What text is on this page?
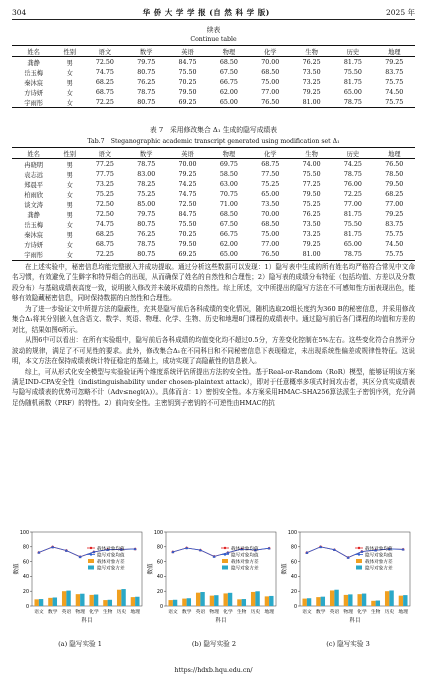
304	华 侨 大 学 学 报 (自 然 科 学 版)	2025 年
续表
Continue table
姓名	性别	语文	数学	英语	物理	化学	生物	历史	地理
龚静	男	72.50	79.75	84.75	68.50	70.00	76.25	81.75	79.25
岳玉梅	女	74.75	80.75	75.50	67.50	68.50	73.50	75.50	83.75
秦沐宸	男	68.25	76.25	70.25	66.75	75.00	73.25	81.75	75.75
方诗妍	女	68.75	78.75	79.50	62.00	77.00	79.25	65.00	74.50
宇雨彤	女	72.25	80.75	69.25	65.00	76.50	81.00	78.75	75.75
表 7　采用修改集合 Δ₁ 生成的隐写成绩表
Tab.7　Steganographic academic transcript generated using modification set Δ₁
姓名	性别	语文	数学	英语	物理	化学	生物	历史	地理
冉晓明	男	77.25	78.75	70.00	69.75	68.75	74.00	74.25	76.50
袁志远	男	77.75	83.00	79.25	58.50	77.50	75.50	78.75	78.50
郑晨平	女	73.25	78.25	74.25	63.00	75.25	77.25	76.00	79.50
柏雨欣	女	75.25	75.25	74.75	70.75	65.00	79.50	72.25	68.25
谈文涛	男	72.50	85.00	72.50	71.00	73.50	75.25	77.00	77.00
龚静	男	72.50	79.75	84.75	68.50	70.00	76.25	81.75	79.25
岳玉梅	女	74.75	80.75	75.50	67.50	68.50	73.50	75.50	83.75
秦沐宸	男	68.25	76.25	70.25	66.75	75.00	73.25	81.75	75.75
方诗妍	女	68.75	78.75	79.50	62.00	77.00	79.25	65.00	74.50
宇雨彤	女	72.25	80.75	69.25	65.00	76.50	81.00	78.75	75.75

在上述实验中，秘密信息均能完整嵌入并成功提取。通过分析这些数据可以发现：1）隐写表中生成的所有姓名均严格符合常见中文命名习惯，有效避免了生僻字和特异组合的出现，从而确保了姓名的自然性和合理性；2）隐写表的成绩分布特征（包括均值、方差以及分数段分布）与基础成绩表高度一致，说明嵌入修改并未破坏成绩的自然性。综上所述，文中所提出的隐写方法在不可感知性方面表现出色，能够有效隐藏秘密信息，同时保持数据的自然性和合理性。

为了进一步验证文中所提方法的隐蔽性，充其是隐写前后各科成绩的变化情况，随机选取20组长度约为360 B的秘密信息，并采用修改集合Δ₁将其分别嵌入包含语文、数学、英语、物理、化学、生物、历史和地理8门课程的成绩表中。通过隐写前后各门课程的均值和方差的对比，结果如图6所示。

从图6中可以看出：在所有实验组中，隐写前后各科成绩的均值变化均不超过0.5分，方差变化控制在5%左右。这些变化符合自然评分波动的规律，满足了不可见性的要求。此外，修改集合Δ₁在不同科目和不同秘密信息下表现稳定，未出现系统性偏差或规律性特征。这说明，本文方法在保持成绩表统计特征稳定的基础上，成功实现了高隐蔽性的信息嵌入。

综上，可从形式化安全模型与实验验证两个维度系统评估所提出方法的安全性。基于Real-or-Random（RoR）模型，能够证明该方案满足IND-CPA安全性（indistinguishability under chosen-plaintext attack），即对于任意概率多项式时间攻击者，其区分真实成绩表与隐写成绩表的优势可忽略不计（Adv≤negl(λ)）。具体而言：1）密钥安全性。本方案采用HMAC-SHA256算法派生子密钥序列，充分满足伪随机函数（PRF）的特性。2）前向安全性。主密钥到子密钥的不可逆性由HMAC的抗

0
20
40
60
80
100
数值
语文 数学 英语 物理 化学 生物 历史 地理
科目
载体对象均值
隐写对象均值
载体对象方差
隐写对象方差
0
20
40
60
80
100
数值
语文 数学 英语 物理 化学 生物 历史 地理
科目
载体对象均值
隐写对象均值
载体对象方差
隐写对象方差
0
20
40
60
80
100
数值
语文 数学 英语 物理 化学 生物 历史 地理
科目
载体对象均值
隐写对象均值
载体对象方差
隐写对象方差
(a) 隐写实验 1	(b) 隐写实验 2	(c) 隐写实验 3
https://hdxb.hqu.edu.cn/
